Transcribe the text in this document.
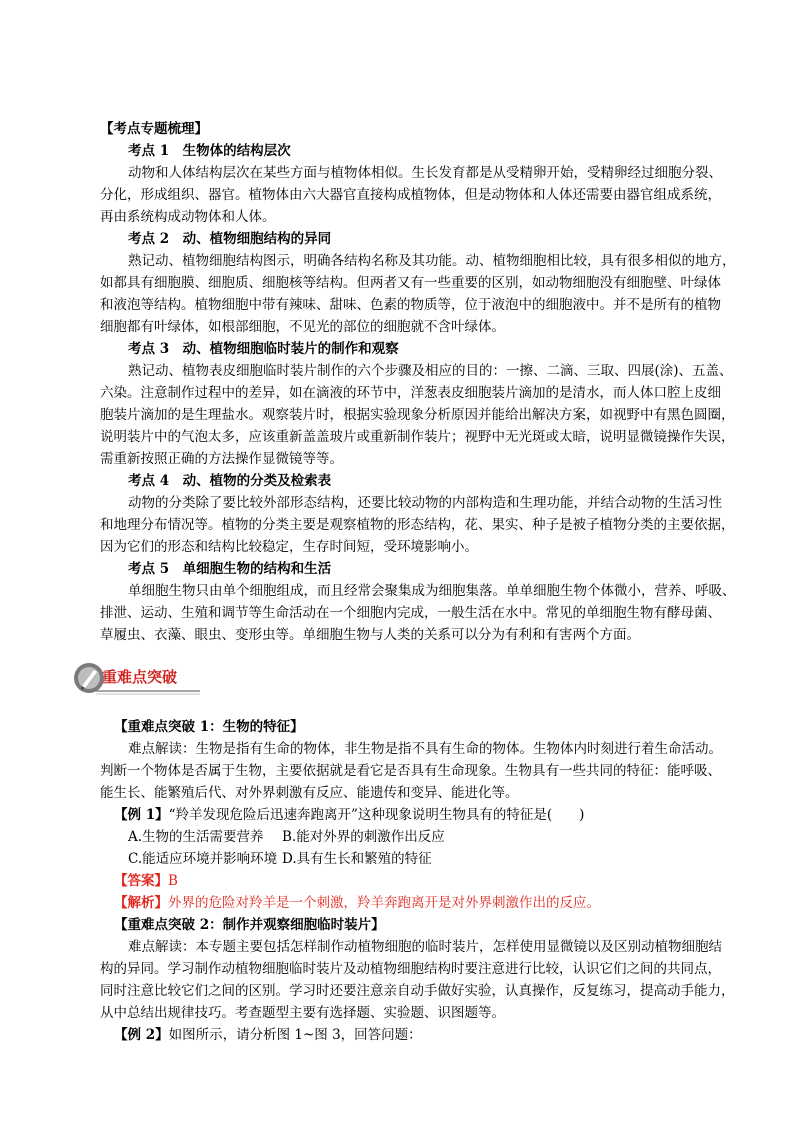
【考点专题梳理】
考点 1　生物体的结构层次
动物和人体结构层次在某些方面与植物体相似。生长发育都是从受精卵开始，受精卵经过细胞分裂、
分化，形成组织、器官。植物体由六大器官直接构成植物体，但是动物体和人体还需要由器官组成系统，
再由系统构成动物体和人体。
考点 2　动、植物细胞结构的异同
熟记动、植物细胞结构图示，明确各结构名称及其功能。动、植物细胞相比较，具有很多相似的地方，
如都具有细胞膜、细胞质、细胞核等结构。但两者又有一些重要的区别，如动物细胞没有细胞壁、叶绿体
和液泡等结构。植物细胞中带有辣味、甜味、色素的物质等，位于液泡中的细胞液中。并不是所有的植物
细胞都有叶绿体，如根部细胞，不见光的部位的细胞就不含叶绿体。
考点 3　动、植物细胞临时装片的制作和观察
熟记动、植物表皮细胞临时装片制作的六个步骤及相应的目的：一擦、二滴、三取、四展(涂)、五盖、
六染。注意制作过程中的差异，如在滴液的环节中，洋葱表皮细胞装片滴加的是清水，而人体口腔上皮细
胞装片滴加的是生理盐水。观察装片时，根据实验现象分析原因并能给出解决方案，如视野中有黑色圆圈，
说明装片中的气泡太多，应该重新盖盖玻片或重新制作装片；视野中无光斑或太暗，说明显微镜操作失误，
需重新按照正确的方法操作显微镜等等。
考点 4　动、植物的分类及检索表
动物的分类除了要比较外部形态结构，还要比较动物的内部构造和生理功能，并结合动物的生活习性
和地理分布情况等。植物的分类主要是观察植物的形态结构，花、果实、种子是被子植物分类的主要依据，
因为它们的形态和结构比较稳定，生存时间短，受环境影响小。
考点 5　单细胞生物的结构和生活
单细胞生物只由单个细胞组成，而且经常会聚集成为细胞集落。单单细胞生物个体微小，营养、呼吸、
排泄、运动、生殖和调节等生命活动在一个细胞内完成，一般生活在水中。常见的单细胞生物有酵母菌、
草履虫、衣藻、眼虫、变形虫等。单细胞生物与人类的关系可以分为有利和有害两个方面。
重难点突破
【重难点突破 1：生物的特征】
难点解读：生物是指有生命的物体，非生物是指不具有生命的物体。生物体内时刻进行着生命活动。
判断一个物体是否属于生物，主要依据就是看它是否具有生命现象。生物具有一些共同的特征：能呼吸、
能生长、能繁殖后代、对外界刺激有反应、能遗传和变异、能进化等。
【例 1】“羚羊发现危险后迅速奔跑离开”这种现象说明生物具有的特征是(　　)
A.生物的生活需要营养	B.能对外界的刺激作出反应
C.能适应环境并影响环境 D.具有生长和繁殖的特征
【答案】B
【解析】外界的危险对羚羊是一个刺激，羚羊奔跑离开是对外界刺激作出的反应。
【重难点突破 2：制作并观察细胞临时装片】
难点解读：本专题主要包括怎样制作动植物细胞的临时装片，怎样使用显微镜以及区别动植物细胞结
构的异同。学习制作动植物细胞临时装片及动植物细胞结构时要注意进行比较，认识它们之间的共同点，
同时注意比较它们之间的区别。学习时还要注意亲自动手做好实验，认真操作，反复练习，提高动手能力，
从中总结出规律技巧。考查题型主要有选择题、实验题、识图题等。
【例 2】如图所示，请分析图 1~图 3，回答问题：
